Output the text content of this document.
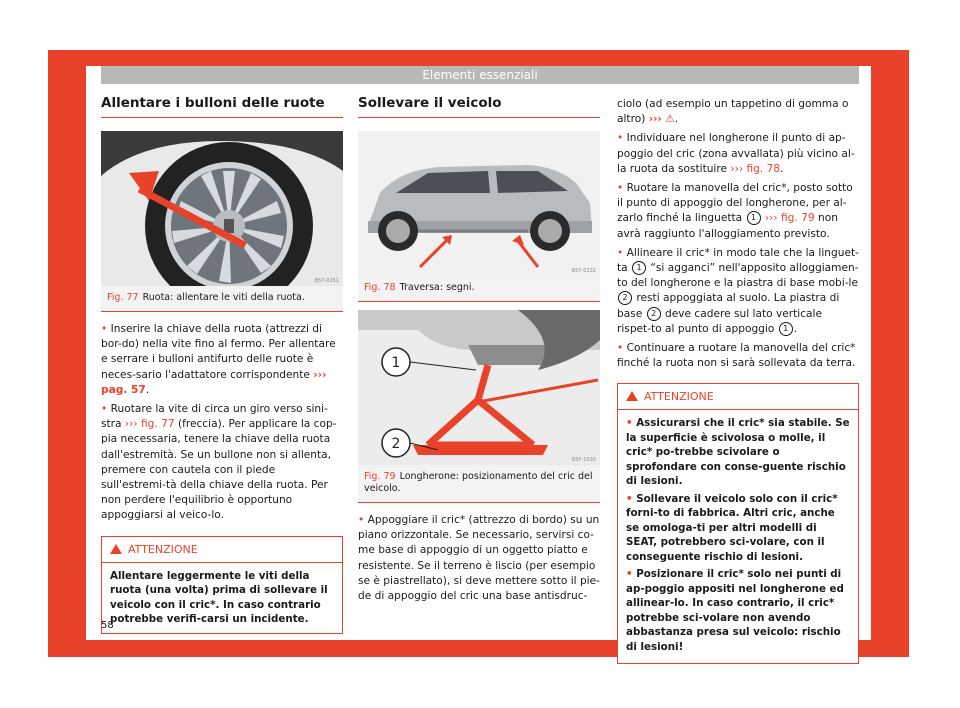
Elementi essenziali
Allentare i bulloni delle ruote
B57-0251
Fig. 77 Ruota: allentare le viti della ruota.

• Inserire la chiave della ruota (attrezzi di bor-do) nella vite fino al fermo. Per allentare e serrare i bulloni antifurto delle ruote è neces-sario l'adattatore corrispondente ››› pag. 57.

• Ruotare la vite di circa un giro verso sini-stra ››› fig. 77 (freccia). Per applicare la cop-pia necessaria, tenere la chiave della ruota dall'estremità. Se un bullone non si allenta, premere con cautela con il piede sull'estremi-tà della chiave della ruota. Per non perdere l'equilibrio è opportuno appoggiarsi al veico-lo.

ATTENZIONE
Allentare leggermente le viti della ruota (una volta) prima di sollevare il veicolo con il cric*. In caso contrario potrebbe verifi-carsi un incidente.
Sollevare il veicolo
B57-0232
Fig. 78 Traversa: segni.
1
2
B5F-1030
Fig. 79 Longherone: posizionamento del cric del veicolo.

• Appoggiare il cric* (attrezzo di bordo) su un piano orizzontale. Se necessario, servirsi co-me base di appoggio di un oggetto piatto e resistente. Se il terreno è liscio (per esempio se è piastrellato), si deve mettere sotto il pie-de di appoggio del cric una base antisdruc-

ciolo (ad esempio un tappetino di gomma o altro) ››› ⚠.

• Individuare nel longherone il punto di ap-poggio del cric (zona avvallata) più vicino al-la ruota da sostituire ››› fig. 78.

• Ruotare la manovella del cric*, posto sotto il punto di appoggio del longherone, per al-zarlo finché la linguetta 1 ››› fig. 79 non avrà raggiunto l'alloggiamento previsto.

• Allineare il cric* in modo tale che la linguet-ta 1 “si agganci” nell'apposito alloggiamen-to del longherone e la piastra di base mobi-le 2 resti appoggiata al suolo. La piastra di base 2 deve cadere sul lato verticale rispet-to al punto di appoggio 1 .

• Continuare a ruotare la manovella del cric* finché la ruota non si sarà sollevata da terra.

ATTENZIONE

• Assicurarsi che il cric* sia stabile. Se la superficie è scivolosa o molle, il cric* po-trebbe scivolare o sprofondare con conse-guente rischio di lesioni.

• Sollevare il veicolo solo con il cric* forni-to di fabbrica. Altri cric, anche se omologa-ti per altri modelli di SEAT, potrebbero sci-volare, con il conseguente rischio di lesioni.

• Posizionare il cric* solo nei punti di ap-poggio appositi nel longherone ed allinear-lo. In caso contrario, il cric* potrebbe sci-volare non avendo abbastanza presa sul veicolo: rischio di lesioni!

58
